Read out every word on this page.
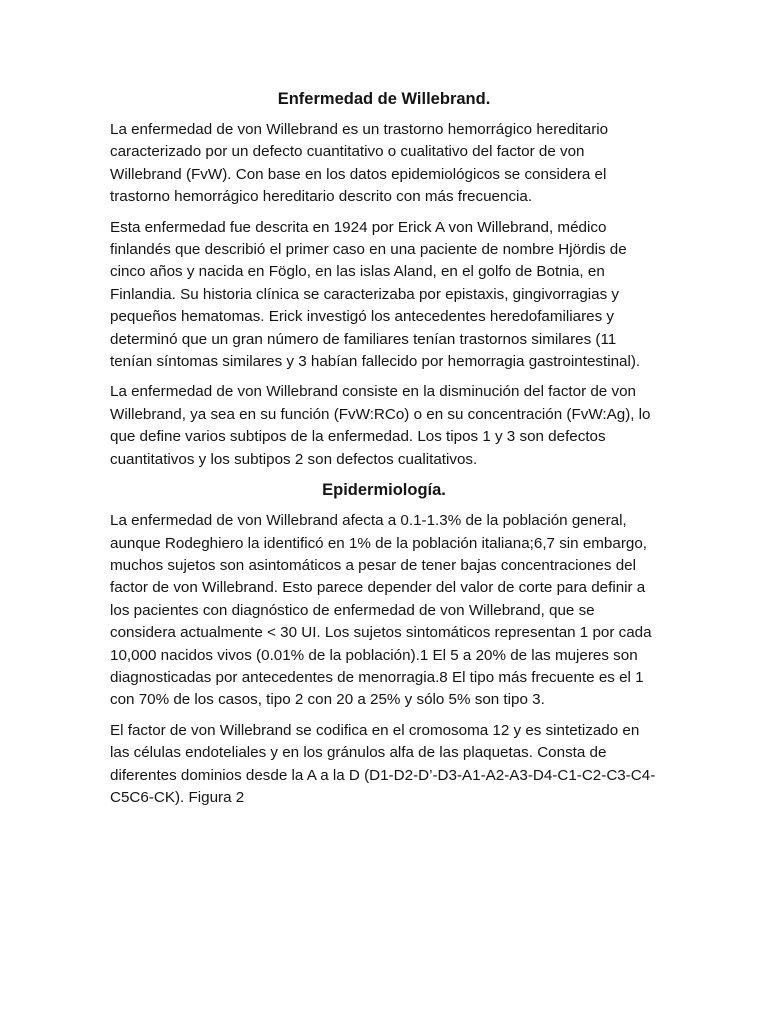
Enfermedad de Willebrand.

La enfermedad de von Willebrand es un trastorno hemorrágico hereditario caracterizado por un defecto cuantitativo o cualitativo del factor de von Willebrand (FvW). Con base en los datos epidemiológicos se considera el trastorno hemorrágico hereditario descrito con más frecuencia.

Esta enfermedad fue descrita en 1924 por Erick A von Willebrand, médico finlandés que describió el primer caso en una paciente de nombre Hjördis de cinco años y nacida en Föglo, en las islas Aland, en el golfo de Botnia, en Finlandia. Su historia clínica se caracterizaba por epistaxis, gingivorragias y pequeños hematomas. Erick investigó los antecedentes heredofamiliares y determinó que un gran número de familiares tenían trastornos similares (11 tenían síntomas similares y 3 habían fallecido por hemorragia gastrointestinal).

La enfermedad de von Willebrand consiste en la disminución del factor de von Willebrand, ya sea en su función (FvW:RCo) o en su concentración (FvW:Ag), lo que define varios subtipos de la enfermedad. Los tipos 1 y 3 son defectos cuantitativos y los subtipos 2 son defectos cualitativos.

Epidermiología.

La enfermedad de von Willebrand afecta a 0.1-1.3% de la población general, aunque Rodeghiero la identificó en 1% de la población italiana;6,7 sin embargo, muchos sujetos son asintomáticos a pesar de tener bajas concentraciones del factor de von Willebrand. Esto parece depender del valor de corte para definir a los pacientes con diagnóstico de enfermedad de von Willebrand, que se considera actualmente < 30 UI. Los sujetos sintomáticos representan 1 por cada 10,000 nacidos vivos (0.01% de la población).1 El 5 a 20% de las mujeres son diagnosticadas por antecedentes de menorragia.8 El tipo más frecuente es el 1 con 70% de los casos, tipo 2 con 20 a 25% y sólo 5% son tipo 3.

El factor de von Willebrand se codifica en el cromosoma 12 y es sintetizado en las células endoteliales y en los gránulos alfa de las plaquetas. Consta de diferentes dominios desde la A a la D (D1-D2-D’-D3-A1-A2-A3-D4-C1-C2-C3-C4-C5C6-CK). Figura 2
